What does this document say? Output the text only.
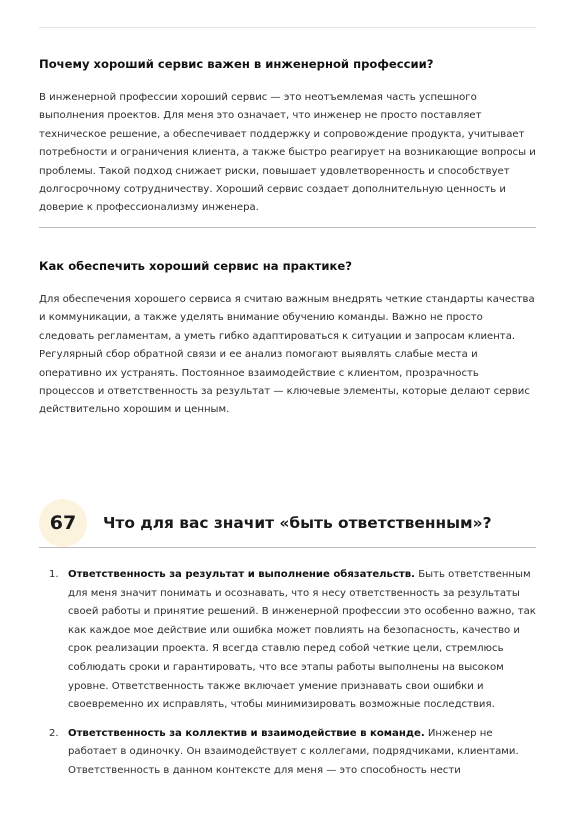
Почему хороший сервис важен в инженерной профессии?

В инженерной профессии хороший сервис — это неотъемлемая часть успешного выполнения проектов. Для меня это означает, что инженер не просто поставляет техническое решение, а обеспечивает поддержку и сопровождение продукта, учитывает потребности и ограничения клиента, а также быстро реагирует на возникающие вопросы и проблемы. Такой подход снижает риски, повышает удовлетворенность и способствует долгосрочному сотрудничеству. Хороший сервис создает дополнительную ценность и доверие к профессионализму инженера.

Как обеспечить хороший сервис на практике?

Для обеспечения хорошего сервиса я считаю важным внедрять четкие стандарты качества и коммуникации, а также уделять внимание обучению команды. Важно не просто следовать регламентам, а уметь гибко адаптироваться к ситуации и запросам клиента. Регулярный сбор обратной связи и ее анализ помогают выявлять слабые места и оперативно их устранять. Постоянное взаимодействие с клиентом, прозрачность процессов и ответственность за результат — ключевые элементы, которые делают сервис действительно хорошим и ценным.

67	Что для вас значит «быть ответственным»?
1. Ответственность за результат и выполнение обязательств. Быть ответственным для меня значит понимать и осознавать, что я несу ответственность за результаты своей работы и принятие решений. В инженерной профессии это особенно важно, так как каждое мое действие или ошибка может повлиять на безопасность, качество и срок реализации проекта. Я всегда ставлю перед собой четкие цели, стремлюсь соблюдать сроки и гарантировать, что все этапы работы выполнены на высоком уровне. Ответственность также включает умение признавать свои ошибки и своевременно их исправлять, чтобы минимизировать возможные последствия.
2. Ответственность за коллектив и взаимодействие в команде. Инженер не работает в одиночку. Он взаимодействует с коллегами, подрядчиками, клиентами. Ответственность в данном контексте для меня — это способность нести
